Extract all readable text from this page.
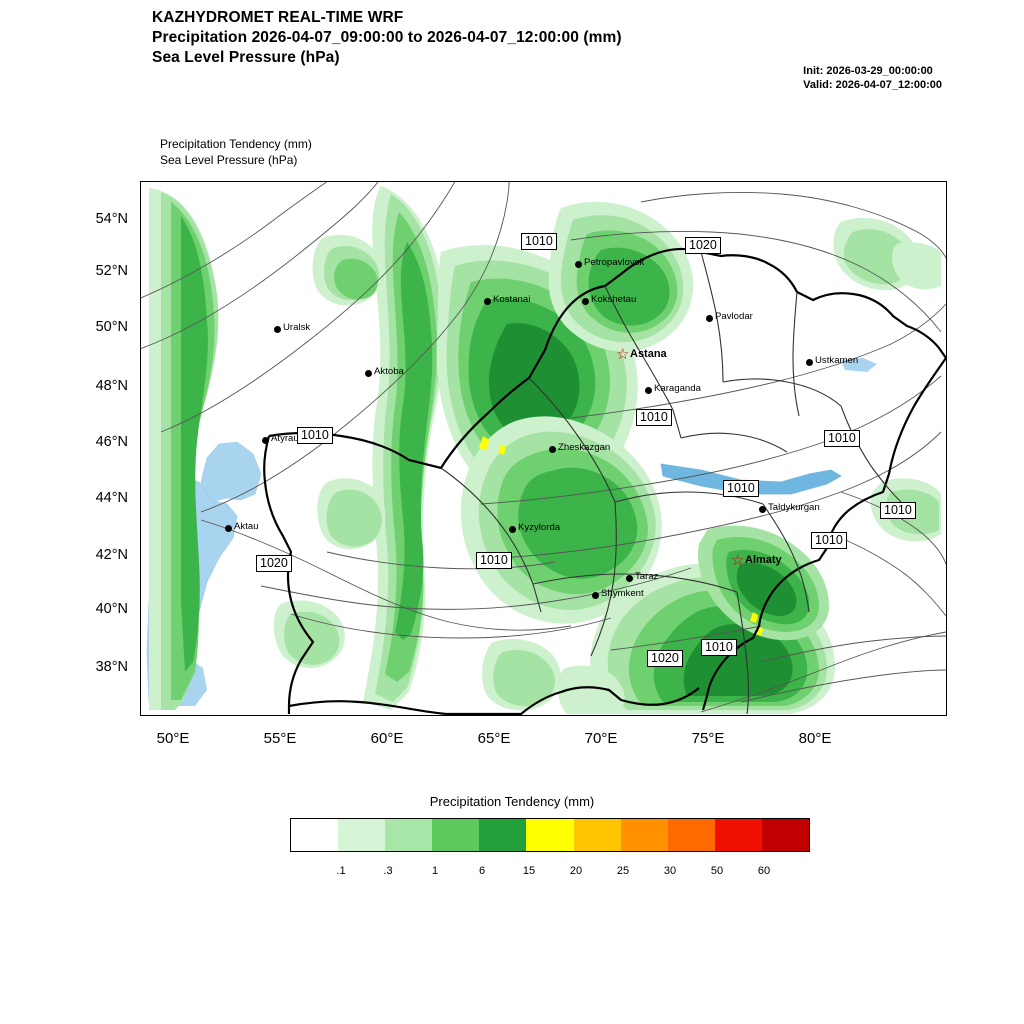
KAZHYDROMET REAL-TIME WRF
Precipitation 2026-04-07_09:00:00 to 2026-04-07_12:00:00 (mm)
Sea Level Pressure (hPa)
Init: 2026-03-29_00:00:00
Valid: 2026-04-07_12:00:00
Precipitation Tendency (mm)
Sea Level Pressure (hPa)
54°N
52°N
50°N
48°N
46°N
44°N
42°N
40°N
38°N
50°E	55°E	60°E	65°E	70°E	75°E	80°E
1010	1020
1010
1010
1010
1010
1010
1010
1010
1020
1010
1020
Petropavlovsk
Kostanai	Kokshetau
Pavlodar
Uralsk
☆ Astana
Ustkamen
Aktoba
Karaganda
Atyrau
Zheskazgan
Taldykurgan
Aktau	Kyzylorda
☆ Almaty
Taraz
Shymkent
Precipitation Tendency (mm)
.1	.3	1	6	15	20	25	30	50	60
